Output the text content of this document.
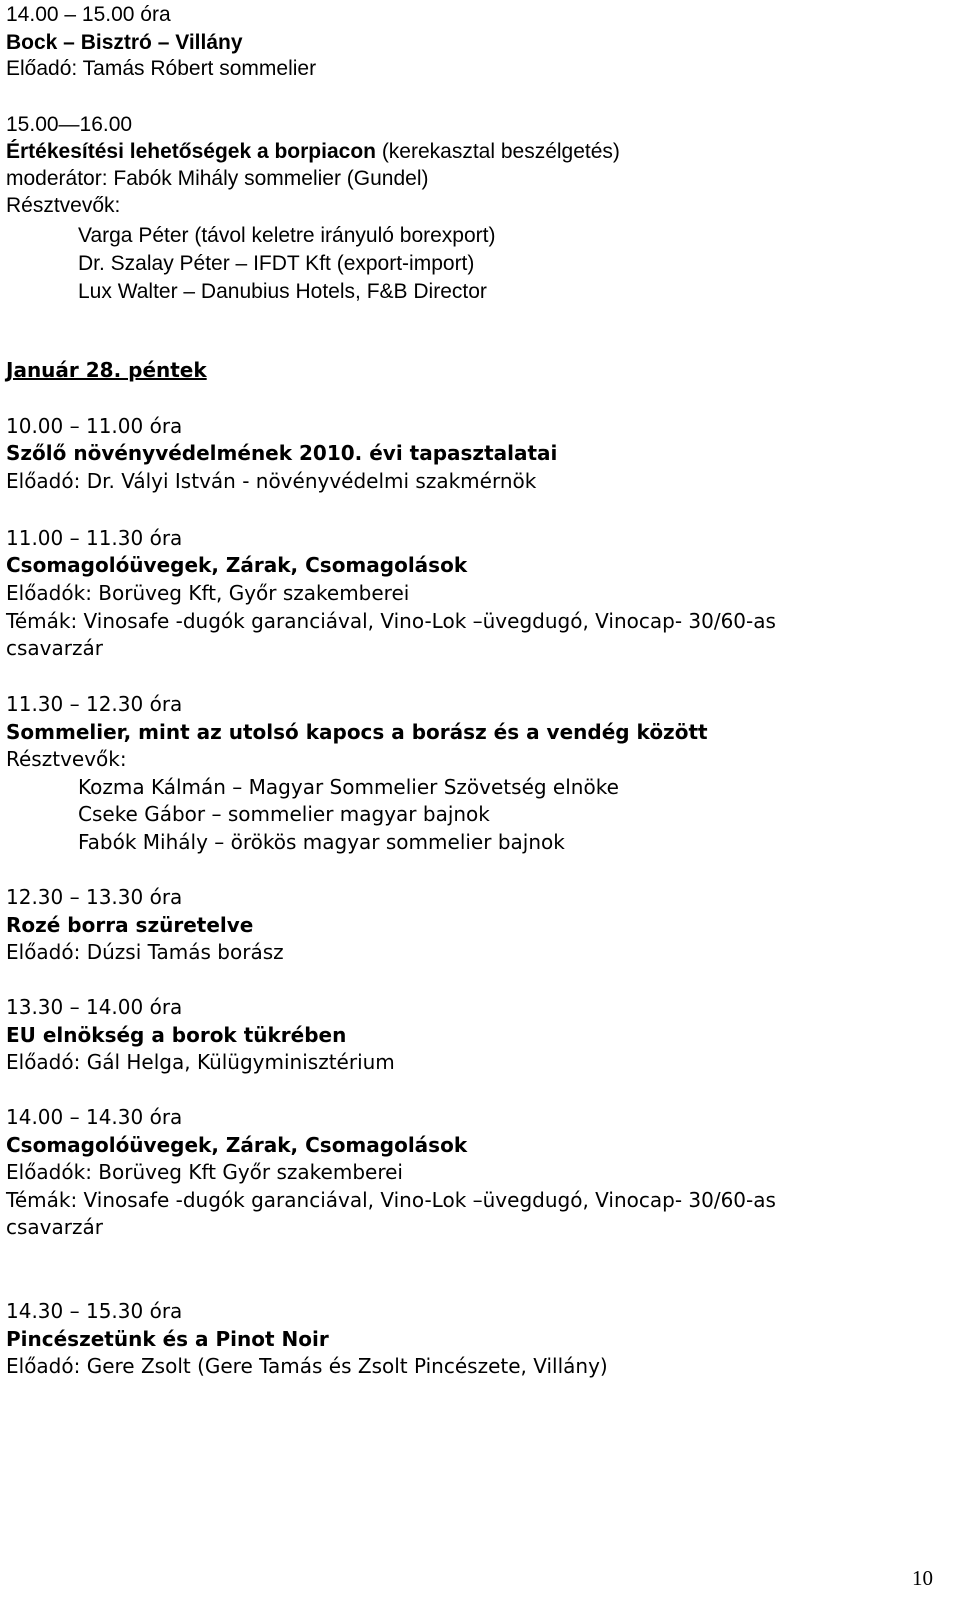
14.00 – 15.00 óra
Bock – Bisztró – Villány
Előadó: Tamás Róbert sommelier
15.00—16.00
Értékesítési lehetőségek a borpiacon (kerekasztal beszélgetés)
moderátor: Fabók Mihály sommelier (Gundel)
Résztvevők:
Varga Péter (távol keletre irányuló borexport)
Dr. Szalay Péter – IFDT Kft (export-import)
Lux Walter – Danubius Hotels, F&B Director
Január 28. péntek
10.00 – 11.00 óra
Szőlő növényvédelmének 2010. évi tapasztalatai
Előadó: Dr. Vályi István - növényvédelmi szakmérnök
11.00 – 11.30 óra
Csomagolóüvegek, Zárak, Csomagolások
Előadók: Borüveg Kft, Győr szakemberei
Témák: Vinosafe -dugók garanciával, Vino-Lok –üvegdugó, Vinocap- 30/60-as
csavarzár
11.30 – 12.30 óra
Sommelier, mint az utolsó kapocs a borász és a vendég között
Résztvevők:
Kozma Kálmán – Magyar Sommelier Szövetség elnöke
Cseke Gábor – sommelier magyar bajnok
Fabók Mihály – örökös magyar sommelier bajnok
12.30 – 13.30 óra
Rozé borra szüretelve
Előadó: Dúzsi Tamás borász
13.30 – 14.00 óra
EU elnökség a borok tükrében
Előadó: Gál Helga, Külügyminisztérium
14.00 – 14.30 óra
Csomagolóüvegek, Zárak, Csomagolások
Előadók: Borüveg Kft Győr szakemberei
Témák: Vinosafe -dugók garanciával, Vino-Lok –üvegdugó, Vinocap- 30/60-as
csavarzár
14.30 – 15.30 óra
Pincészetünk és a Pinot Noir
Előadó: Gere Zsolt (Gere Tamás és Zsolt Pincészete, Villány)
10
